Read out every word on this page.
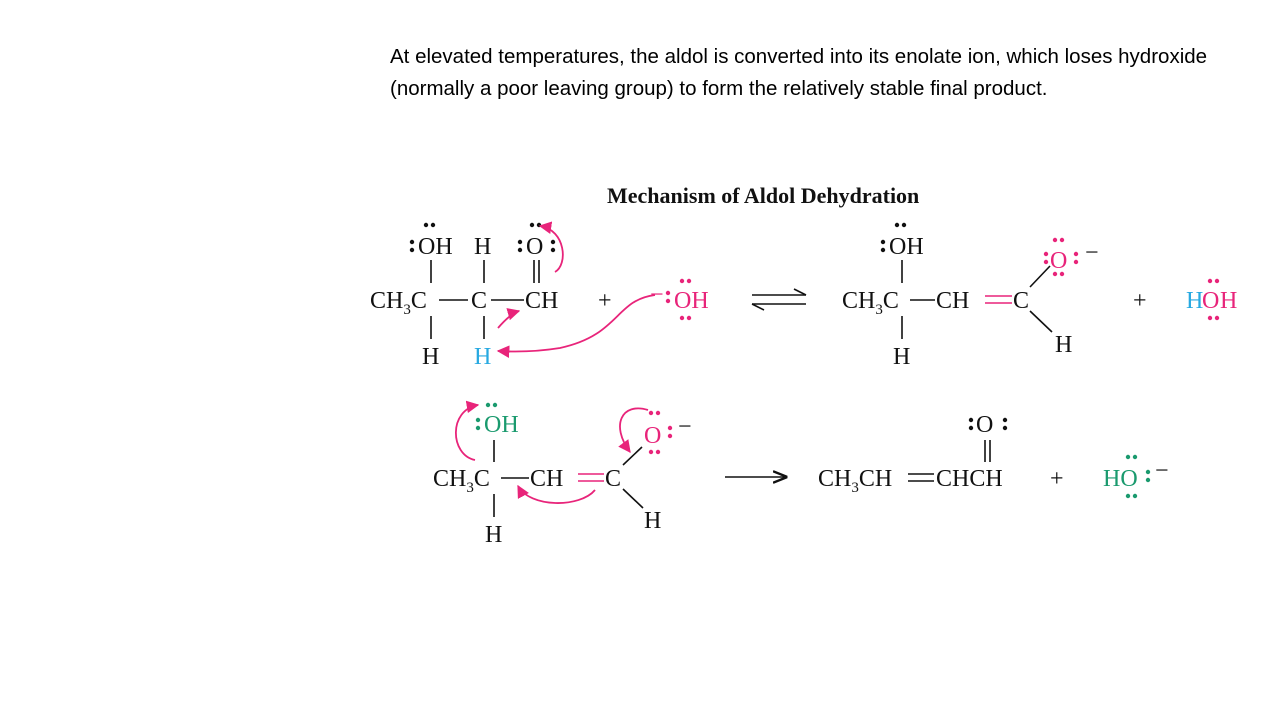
At elevated temperatures, the aldol is converted into its enolate ion, which loses hydroxide (normally a poor leaving group) to form the relatively stable final product.
Mechanism of Aldol Dehydration
OH H O
$CH_3C$ C CH
H H
+ − OH
OH
O −
$CH_3C$ CH C
H
H
+ H
O H
OH	O −
$CH_3C$ CH C
H
H
O
$CH_3CH$ CHCH + HO −
